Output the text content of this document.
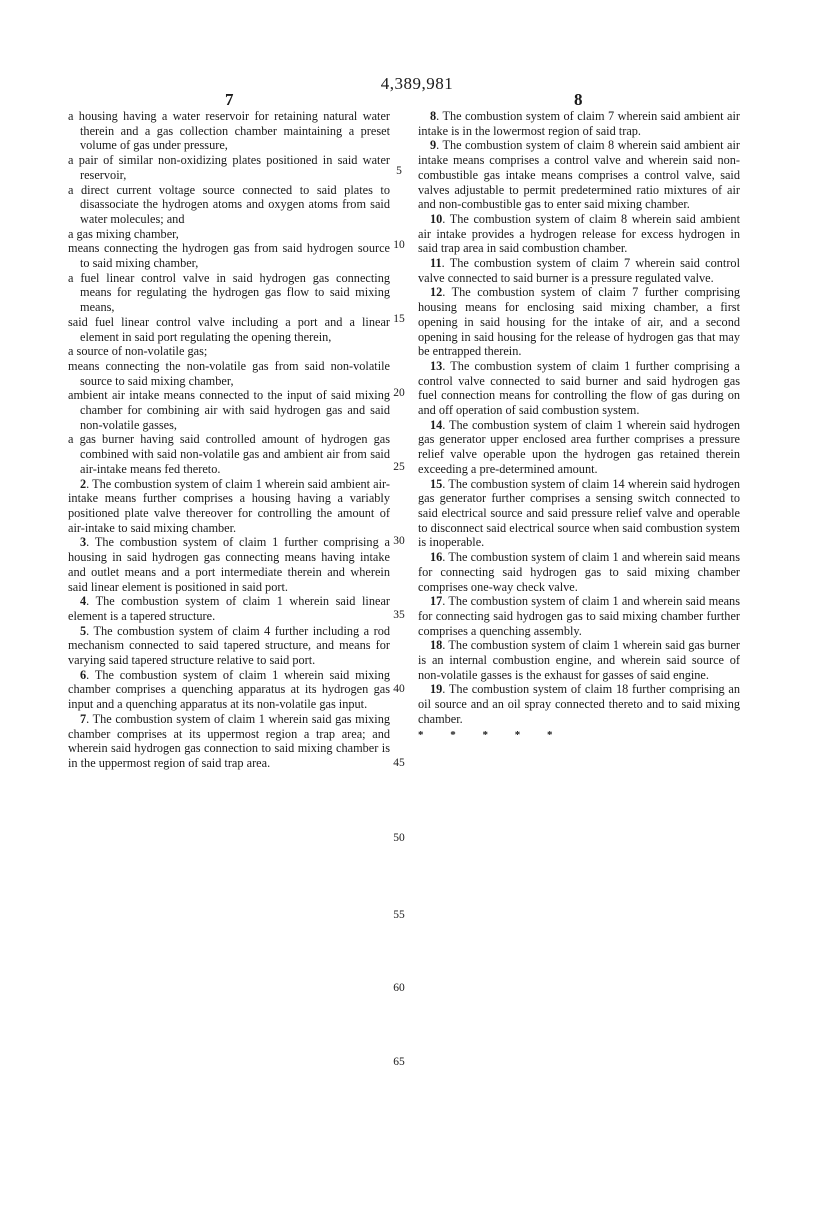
4,389,981
7	8

a housing having a water reservoir for retaining natural water therein and a gas collection chamber maintaining a preset volume of gas under pressure,

a pair of similar non-oxidizing plates positioned in said water reservoir,

a direct current voltage source connected to said plates to disassociate the hydrogen atoms and oxygen atoms from said water molecules; and

a gas mixing chamber,

means connecting the hydrogen gas from said hydrogen source to said mixing chamber,

a fuel linear control valve in said hydrogen gas connecting means for regulating the hydrogen gas flow to said mixing means,

said fuel linear control valve including a port and a linear element in said port regulating the opening therein,

a source of non-volatile gas;

means connecting the non-volatile gas from said non-volatile source to said mixing chamber,

ambient air intake means connected to the input of said mixing chamber for combining air with said hydrogen gas and said non-volatile gasses,

a gas burner having said controlled amount of hydrogen gas combined with said non-volatile gas and ambient air from said air-intake means fed thereto.

2. The combustion system of claim 1 wherein said ambient air-intake means further comprises a housing having a variably positioned plate valve thereover for controlling the amount of air-intake to said mixing chamber.

3. The combustion system of claim 1 further comprising a housing in said hydrogen gas connecting means having intake and outlet means and a port intermediate therein and wherein said linear element is positioned in said port.

4. The combustion system of claim 1 wherein said linear element is a tapered structure.

5. The combustion system of claim 4 further including a rod mechanism connected to said tapered structure, and means for varying said tapered structure relative to said port.

6. The combustion system of claim 1 wherein said mixing chamber comprises a quenching apparatus at its hydrogen gas input and a quenching apparatus at its non-volatile gas input.

7. The combustion system of claim 1 wherein said gas mixing chamber comprises at its uppermost region a trap area; and wherein said hydrogen gas connection to said mixing chamber is in the uppermost region of said trap area.

8. The combustion system of claim 7 wherein said ambient air intake is in the lowermost region of said trap.

9. The combustion system of claim 8 wherein said ambient air intake means comprises a control valve and wherein said non-combustible gas intake means comprises a control valve, said valves adjustable to permit predetermined ratio mixtures of air and non-combustible gas to enter said mixing chamber.

10. The combustion system of claim 8 wherein said ambient air intake provides a hydrogen release for excess hydrogen in said trap area in said combustion chamber.

11. The combustion system of claim 7 wherein said control valve connected to said burner is a pressure regulated valve.

12. The combustion system of claim 7 further comprising housing means for enclosing said mixing chamber, a first opening in said housing for the intake of air, and a second opening in said housing for the release of hydrogen gas that may be entrapped therein.

13. The combustion system of claim 1 further comprising a control valve connected to said burner and said hydrogen gas fuel connection means for controlling the flow of gas during on and off operation of said combustion system.

14. The combustion system of claim 1 wherein said hydrogen gas generator upper enclosed area further comprises a pressure relief valve operable upon the hydrogen gas retained therein exceeding a pre-determined amount.

15. The combustion system of claim 14 wherein said hydrogen gas generator further comprises a sensing switch connected to said electrical source and said pressure relief valve and operable to disconnect said electrical source when said combustion system is inoperable.

16. The combustion system of claim 1 and wherein said means for connecting said hydrogen gas to said mixing chamber comprises one-way check valve.

17. The combustion system of claim 1 and wherein said means for connecting said hydrogen gas to said mixing chamber further comprises a quenching assembly.

18. The combustion system of claim 1 wherein said gas burner is an internal combustion engine, and wherein said source of non-volatile gasses is the exhaust for gasses of said engine.

19. The combustion system of claim 18 further comprising an oil source and an oil spray connected thereto and to said mixing chamber.

* * * * *
5
10
15
20
25
30
35
40
45
50
55
60
65
